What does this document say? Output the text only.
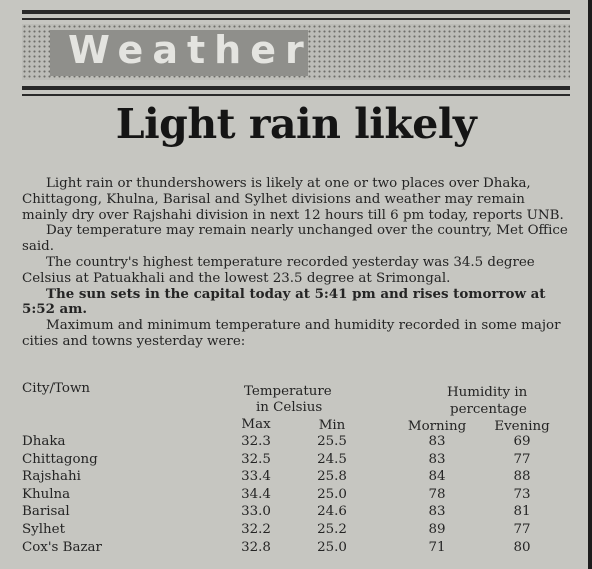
Weather
Light rain likely

Light rain or thundershowers is likely at one or two places over Dhaka, Chittagong, Khulna, Barisal and Sylhet divisions and weather may remain mainly dry over Rajshahi division in next 12 hours till 6 pm today, reports UNB.

Day temperature may remain nearly unchanged over the country, Met Office said.

The country's highest temperature recorded yesterday was 34.5 degree Celsius at Patuakhali and the lowest 23.5 degree at Srimongal.

The sun sets in the capital today at 5:41 pm and rises tomorrow at 5:52 am.

Maximum and minimum temperature and humidity recorded in some major cities and towns yesterday were:

City/Town	Temperature
in Celsius
Humidity in
percentage
Max	Min	Morning Evening
Dhaka	32.3	25.5	83	69
Chittagong	32.5	24.5	83	77
Rajshahi	33.4	25.8	84	88
Khulna	34.4	25.0	78	73
Barisal	33.0	24.6	83	81
Sylhet	32.2	25.2	89	77
Cox's Bazar	32.8	25.0	71	80
